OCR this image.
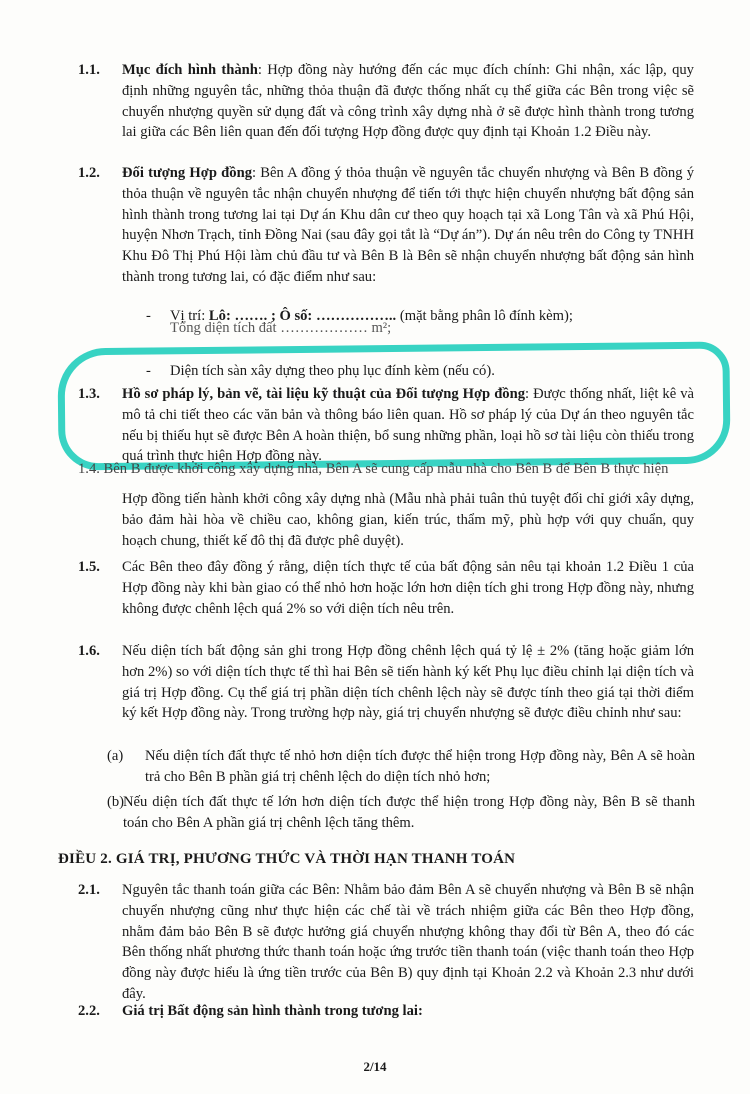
1.1. Mục đích hình thành: Hợp đồng này hướng đến các mục đích chính: Ghi nhận, xác lập, quy định những nguyên tắc, những thỏa thuận đã được thống nhất cụ thể giữa các Bên trong việc sẽ chuyển nhượng quyền sử dụng đất và công trình xây dựng nhà ở sẽ được hình thành trong tương lai giữa các Bên liên quan đến đối tượng Hợp đồng được quy định tại Khoản 1.2 Điều này.
1.2. Đối tượng Hợp đồng: Bên A đồng ý thỏa thuận về nguyên tắc chuyển nhượng và Bên B đồng ý thỏa thuận về nguyên tắc nhận chuyển nhượng để tiến tới thực hiện chuyển nhượng bất động sản hình thành trong tương lai tại Dự án Khu dân cư theo quy hoạch tại xã Long Tân và xã Phú Hội, huyện Nhơn Trạch, tỉnh Đồng Nai (sau đây gọi tắt là “Dự án”). Dự án nêu trên do Công ty TNHH Khu Đô Thị Phú Hội làm chủ đầu tư và Bên B là Bên sẽ nhận chuyển nhượng bất động sản hình thành trong tương lai, có đặc điểm như sau:
- Vị trí: Lô: ……. ; Ô số: …………….. (mặt bằng phân lô đính kèm);
Tổng diện tích đất ……………… m²;
- Diện tích sàn xây dựng theo phụ lục đính kèm (nếu có).
1.3. Hồ sơ pháp lý, bản vẽ, tài liệu kỹ thuật của Đối tượng Hợp đồng: Được thống nhất, liệt kê và mô tả chi tiết theo các văn bản và thông báo liên quan. Hồ sơ pháp lý của Dự án theo nguyên tắc nếu bị thiếu hụt sẽ được Bên A hoàn thiện, bổ sung những phần, loại hồ sơ tài liệu còn thiếu trong quá trình thực hiện Hợp đồng này.
1.4. Bên B được khởi công xây dựng nhà, Bên A sẽ cung cấp mẫu nhà cho Bên B để Bên B thực hiện
Hợp đồng tiến hành khởi công xây dựng nhà (Mẫu nhà phải tuân thủ tuyệt đối chỉ giới xây dựng, bảo đảm hài hòa về chiều cao, không gian, kiến trúc, thẩm mỹ, phù hợp với quy chuẩn, quy hoạch chung, thiết kế đô thị đã được phê duyệt).
1.5. Các Bên theo đây đồng ý rằng, diện tích thực tế của bất động sản nêu tại khoản 1.2 Điều 1 của Hợp đồng này khi bàn giao có thể nhỏ hơn hoặc lớn hơn diện tích ghi trong Hợp đồng này, nhưng không được chênh lệch quá 2% so với diện tích nêu trên.
1.6. Nếu diện tích bất động sản ghi trong Hợp đồng chênh lệch quá tỷ lệ ± 2% (tăng hoặc giảm lớn hơn 2%) so với diện tích thực tế thì hai Bên sẽ tiến hành ký kết Phụ lục điều chỉnh lại diện tích và giá trị Hợp đồng. Cụ thể giá trị phần diện tích chênh lệch này sẽ được tính theo giá tại thời điểm ký kết Hợp đồng này. Trong trường hợp này, giá trị chuyển nhượng sẽ được điều chỉnh như sau:
(a) Nếu diện tích đất thực tế nhỏ hơn diện tích được thể hiện trong Hợp đồng này, Bên A sẽ hoàn trả cho Bên B phần giá trị chênh lệch do diện tích nhỏ hơn;
(b)
Nếu diện tích đất thực tế lớn hơn diện tích được thể hiện trong Hợp đồng này, Bên B sẽ thanh toán cho Bên A phần giá trị chênh lệch tăng thêm.
ĐIỀU 2. GIÁ TRỊ, PHƯƠNG THỨC VÀ THỜI HẠN THANH TOÁN
2.1. Nguyên tắc thanh toán giữa các Bên: Nhằm bảo đảm Bên A sẽ chuyển nhượng và Bên B sẽ nhận chuyển nhượng cũng như thực hiện các chế tài về trách nhiệm giữa các Bên theo Hợp đồng, nhằm đảm bảo Bên B sẽ được hưởng giá chuyển nhượng không thay đổi từ Bên A, theo đó các Bên thống nhất phương thức thanh toán hoặc ứng trước tiền thanh toán (việc thanh toán theo Hợp đồng này được hiểu là ứng tiền trước của Bên B) quy định tại Khoản 2.2 và Khoản 2.3 như dưới đây.
2.2. Giá trị Bất động sản hình thành trong tương lai:
2/14
